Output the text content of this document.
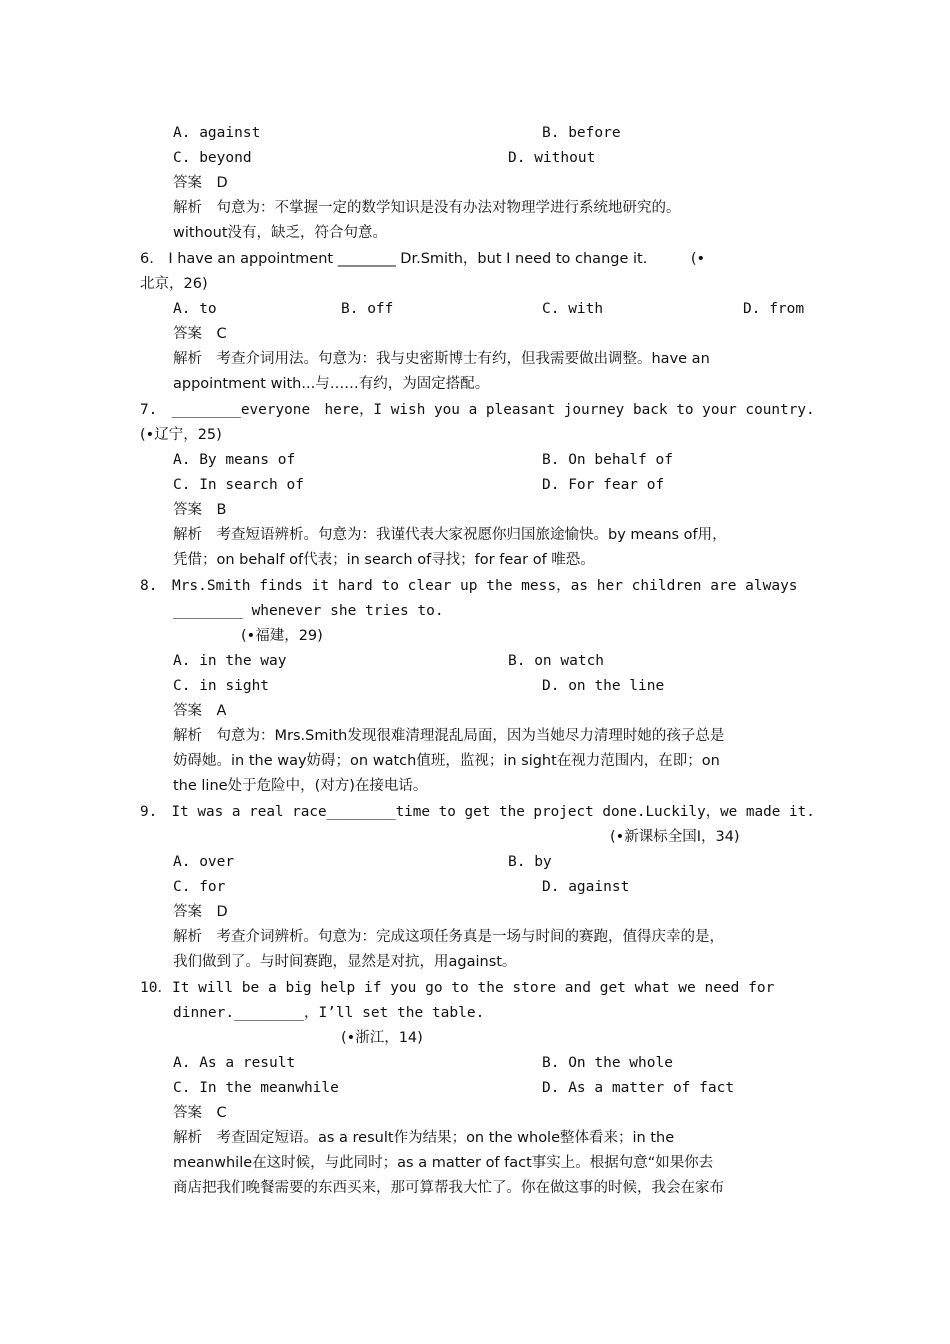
A. against	B. before
C. beyond	D. without
答案　D
解析　句意为：不掌握一定的数学知识是没有办法对物理学进行系统地研究的。
without没有，缺乏，符合句意。
6.　I have an appointment ________ Dr.Smith，but I need to change it.　　　(•
北京，26)
A. to	B. off	C. with	D. from
答案　C
解析　考查介词用法。句意为：我与史密斯博士有约，但我需要做出调整。have an
appointment with...与……有约，为固定搭配。
7.　________everyone　here，I wish you a pleasant journey back to your country.
(•辽宁，25)
A. By means of	B. On behalf of
C. In search of	D. For fear of
答案　B
解析　考查短语辨析。句意为：我谨代表大家祝愿你归国旅途愉快。by means of用，
凭借；on behalf of代表；in search of寻找；for fear of 唯恐。
8.　Mrs.Smith finds it hard to clear up the mess，as her children are always
________ whenever she tries to.
(•福建，29)
A. in the way	B. on watch
C. in sight	D. on the line
答案　A
解析　句意为：Mrs.Smith发现很难清理混乱局面，因为当她尽力清理时她的孩子总是
妨碍她。in the way妨碍；on watch值班，监视；in sight在视力范围内，在即；on
the line处于危险中，(对方)在接电话。
9.　It was a real race________time to get the project done.Luckily，we made it.
(•新课标全国Ⅰ，34)
A. over	B. by
C. for	D. against
答案　D
解析　考查介词辨析。句意为：完成这项任务真是一场与时间的赛跑，值得庆幸的是，
我们做到了。与时间赛跑，显然是对抗，用against。
10．It will be a big help if you go to the store and get what we need for
dinner.________，I’ll set the table.
(•浙江，14)
A. As a result	B. On the whole
C. In the meanwhile	D. As a matter of fact
答案　C
解析　考查固定短语。as a result作为结果；on the whole整体看来；in the
meanwhile在这时候，与此同时；as a matter of fact事实上。根据句意“如果你去
商店把我们晚餐需要的东西买来，那可算帮我大忙了。你在做这事的时候，我会在家布
